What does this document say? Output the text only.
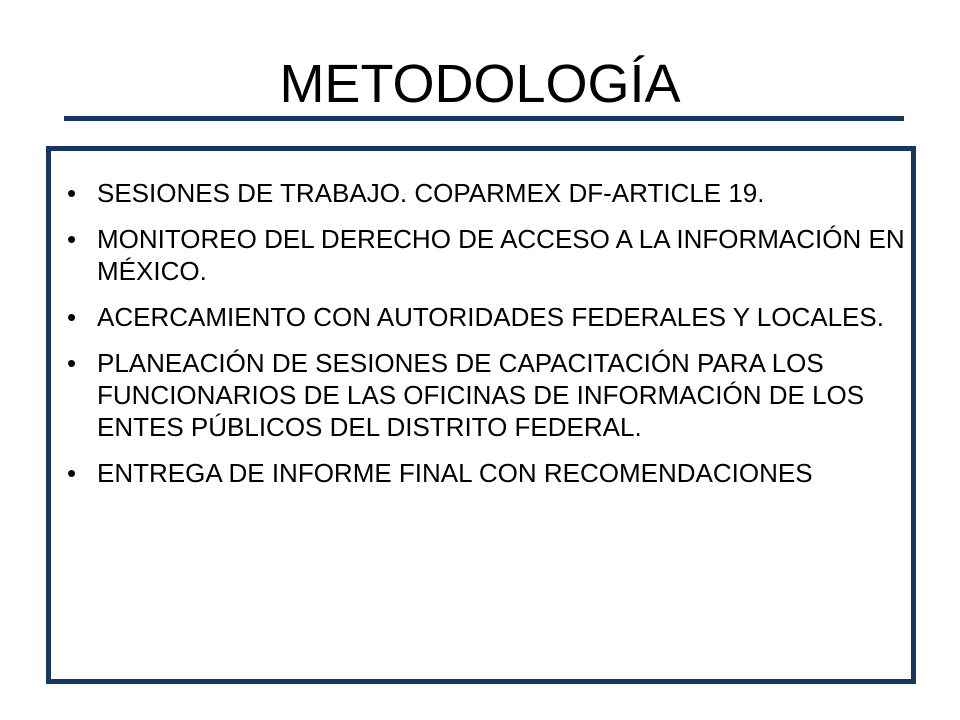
METODOLOGÍA
• SESIONES DE TRABAJO. COPARMEX DF-ARTICLE 19.
• MONITOREO DEL DERECHO DE ACCESO A LA INFORMACIÓN EN MÉXICO.
• ACERCAMIENTO CON AUTORIDADES FEDERALES Y LOCALES.
• PLANEACIÓN DE SESIONES DE CAPACITACIÓN PARA LOS FUNCIONARIOS DE LAS OFICINAS DE INFORMACIÓN DE LOS ENTES PÚBLICOS DEL DISTRITO FEDERAL.
• ENTREGA DE INFORME FINAL CON RECOMENDACIONES
